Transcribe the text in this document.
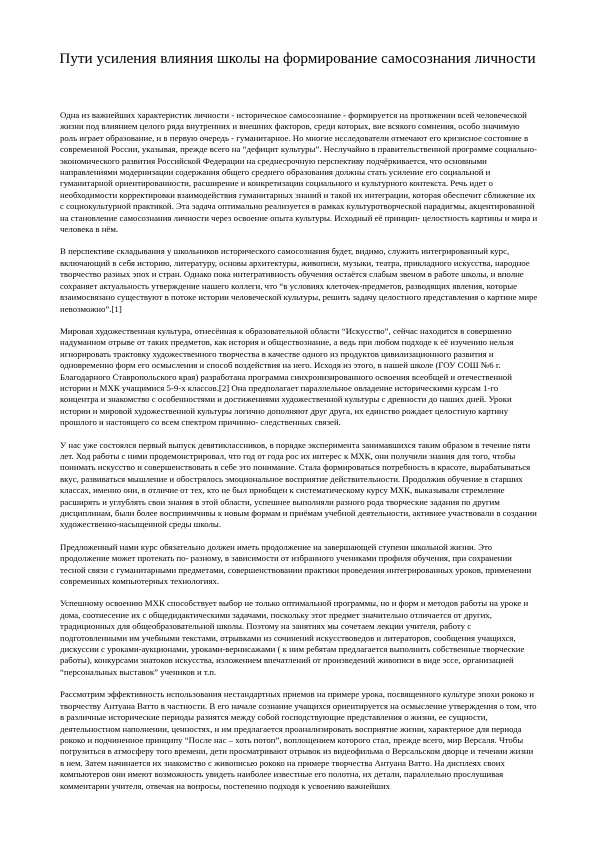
Пути усиления влияния школы на формирование самосознания личности

Одна из важнейших характеристик личности - историческое самосознание - формируется на протяжении всей человеческой жизни под влиянием целого ряда внутренних и внешних факторов, среди которых, вне всякого сомнения, особо значимую роль играет образование, и в первую очередь - гуманитарное. Но многие исследователи отмечают его кризисное состояние в современной России, указывая, прежде всего на “дефицит культуры”. Неслучайно в правительственной программе социально- экономического развития Российской Федерации на среднесрочную перспективу подчёркивается, что основными направлениями модернизации содержания общего среднего образования должны стать усиление его социальной и гуманитарной ориентированности, расширение и конкретизации социального и культурного контекста. Речь идет о необходимости корректировки взаимодействия гуманитарных знаний и такой их интеграции, которая обеспечит сближение их с социокультурной практикой. Эта задача оптимально реализуется в рамках культуротворческой парадигмы, акцентированной на становление самосознания личности через освоение опыта культуры. Исходный её принцип- целостность картины и мира и человека в нём.

В перспективе складывания у школьников исторического самосознания будет, видимо, служить интегрированный курс, включающий в себя историю, литературу, основы архитектуры, живописи, музыки, театра, прикладного искусства, народное творчество разных эпох и стран. Однако пока интегративность обучения остаётся слабым звеном в работе школы, и вполне сохраняет актуальность утверждение нашего коллеги, что “в условиях клеточек-предметов, разводящих явления, которые взаимосвязано существуют в потоке истории человеческой культуры, решить задачу целостного представления о картине мире невозможно”.[1]

Мировая художественная культура, отнесённая к образовательной области “Искусство”, сейчас находится в совершенно надуманном отрыве от таких предметов, как история и обществознание, а ведь при любом подходе к её изучению нельзя игнорировать трактовку художественного творчества в качестве одного из продуктов цивилизационного развития и одновременно форм его осмысления и способ воздействия на него. Исходя из этого, в нашей школе (ГОУ СОШ №6 г. Благодарного Ставропольского края) разработана программа синхронизированного освоения всеобщей и отечественной истории и МХК учащимися 5-9-х классов.[2] Она предполагает параллельное овладение историческими курсам 1-го концентра и знакомство с особенностями и достижениями художественной культуры с древности до наших дней. Уроки истории и мировой художественной культуры логично дополняют друг друга, их единство рождает целостную картину прошлого и настоящего со всем спектром причинно- следственных связей.

У нас уже состоялся первый выпуск девятиклассников, в порядке эксперимента занимавшихся таким образом в течение пяти лет. Ход работы с ними продемонстрировал, что год от года рос их интерес к МХК, они получили знания для того, чтобы понимать искусство и совершенствовать в себе это понимание. Стала формироваться потребность в красоте, вырабатываться вкус, развиваться мышление и обострялось эмоциональное восприятие действительности. Продолжив обучение в старших классах, именно они, в отличие от тех, кто не был приобщен к систематическому курсу МХК, выказывали стремление расширять и углублять свои знания в этой области, успешнее выполняли разного рода творческие задания по другим дисциплинам, были более восприимчивы к новым формам и приёмам учебной деятельности, активнее участвовали в создании художественно-насыщенной среды школы.

Предложенный нами курс обязательно должен иметь продолжение на завершающей ступени школьной жизни. Это продолжение может протекать по- разному, в зависимости от избранного учениками профиля обучения, при сохранении тесной связи с гуманитарными предметами, совершенствовании практики проведения интегрированных уроков, применении современных компьютерных технологиях.

Успешному освоению МХК способствует выбор не только оптимальной программы, но и форм и методов работы на уроке и дома, соотнесение их с общедидактическими задачами, поскольку этот предмет значительно отличается от других, традиционных для общеобразовательной школы. Поэтому на занятиях мы сочетаем лекции учителя, работу с подготовленными им учебными текстами, отрывками из сочинений искусствоведов и литераторов, сообщения учащихся, дискуссии с уроками-аукционами, уроками-вернисажами ( к ним ребятам предлагается выполнить собственные творческие работы), конкурсами знатоков искусства, изложением впечатлений от произведений живописи в виде эссе, организацией “персональных выставок” учеников и т.п.

Рассмотрим эффективность использования нестандартных приемов на примере урока, посвященного культуре эпохи рококо и творчеству Антуана Ватто в частности. В его начале сознание учащихся ориентируется на осмысление утверждения о том, что в различные исторические периоды разнятся между собой господствующие представления о жизни, ее сущности, деятельностном наполнении, ценностях, и им предлагается проанализировать восприятие жизни, характерное для периода рококо и подчиненное принципу “После нас – хоть потоп”, воплощением которого стал, прежде всего, мир Версаля. Чтобы погрузиться в атмосферу того времени, дети просматривают отрывок из видеофильма о Версальском дворце и течении жизни в нем. Затем начинается их знакомство с живописью рококо на примере творчества Антуана Ватто. На дисплеях своих компьютеров они имеют возможность увидеть наиболее известные его полотна, их детали, параллельно прослушивая комментарии учителя, отвечая на вопросы, постепенно подходя к усвоению важнейших
